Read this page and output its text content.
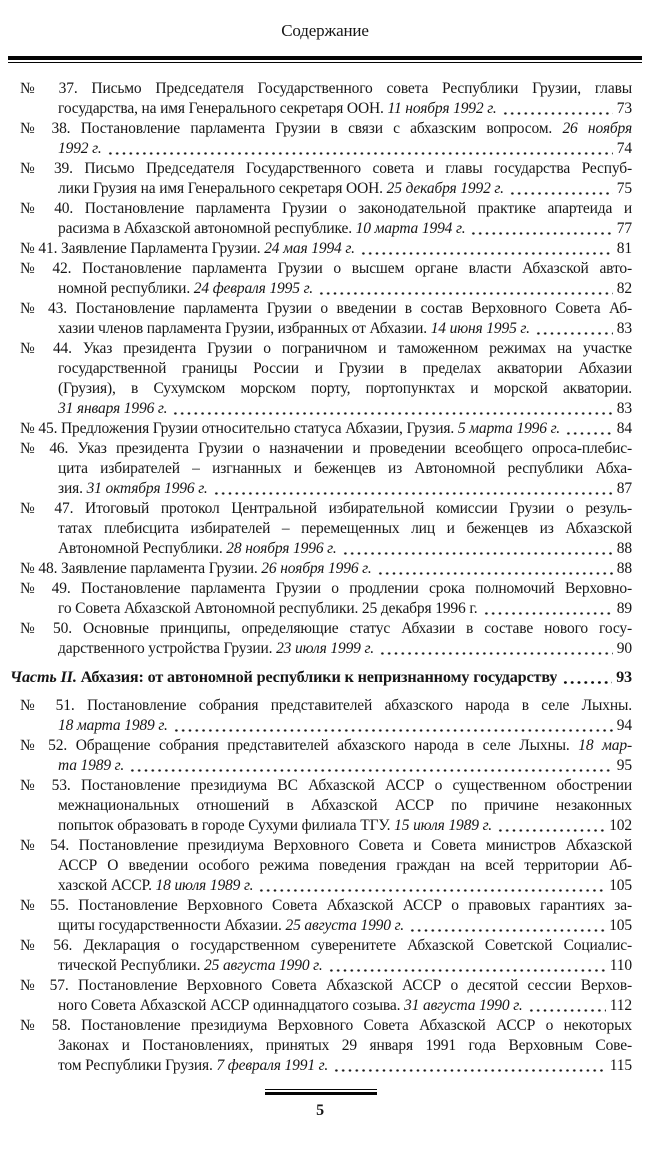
Содержание
№ 37. Письмо Председателя Государственного совета Республики Грузии, главы
государства, на имя Генерального секретаря ООН. 11 ноября 1992 г.	73
№ 38. Постановление парламента Грузии в связи с абхазским вопросом. 26 ноября
1992 г.	74
№ 39. Письмо Председателя Государственного совета и главы государства Респуб-
лики Грузия на имя Генерального секретаря ООН. 25 декабря 1992 г.	75
№ 40. Постановление парламента Грузии о законодательной практике апартеида и
расизма в Абхазской автономной республике. 10 марта 1994 г.	77
№ 41. Заявление Парламента Грузии. 24 мая 1994 г.	81
№ 42. Постановление парламента Грузии о высшем органе власти Абхазской авто-
номной республики. 24 февраля 1995 г.	82
№ 43. Постановление парламента Грузии о введении в состав Верховного Совета Аб-
хазии членов парламента Грузии, избранных от Абхазии. 14 июня 1995 г.	83
№ 44. Указ президента Грузии о пограничном и таможенном режимах на участке
государственной границы России и Грузии в пределах акватории Абхазии
(Грузия), в Сухумском морском порту, портопунктах и морской акватории.
31 января 1996 г.	83
№ 45. Предложения Грузии относительно статуса Абхазии, Грузия. 5 марта 1996 г.	84
№ 46. Указ президента Грузии о назначении и проведении всеобщего опроса-плебис-
цита избирателей – изгнанных и беженцев из Автономной республики Абха-
зия. 31 октября 1996 г.	87
№ 47. Итоговый протокол Центральной избирательной комиссии Грузии о резуль-
татах плебисцита избирателей – перемещенных лиц и беженцев из Абхазской
Автономной Республики. 28 ноября 1996 г.	88
№ 48. Заявление парламента Грузии. 26 ноября 1996 г.	88
№ 49. Постановление парламента Грузии о продлении срока полномочий Верховно-
го Совета Абхазской Автономной республики. 25 декабря 1996 г.	89
№ 50. Основные принципы, определяющие статус Абхазии в составе нового госу-
дарственного устройства Грузии. 23 июля 1999 г.	90
Часть II. Абхазия: от автономной республики к непризнанному государству	93
№ 51. Постановление собрания представителей абхазского народа в селе Лыхны.
18 марта 1989 г.	94
№ 52. Обращение собрания представителей абхазского народа в селе Лыхны. 18 мар-
та 1989 г.	95
№ 53. Постановление президиума ВС Абхазской АССР о существенном обострении
межнациональных отношений в Абхазской АССР по причине незаконных
попыток образовать в городе Сухуми филиала ТГУ. 15 июля 1989 г.	102
№ 54. Постановление президиума Верховного Совета и Совета министров Абхазской
АССР О введении особого режима поведения граждан на всей территории Аб-
хазской АССР. 18 июля 1989 г.	105
№ 55. Постановление Верховного Совета Абхазской АССР о правовых гарантиях за-
щиты государственности Абхазии. 25 августа 1990 г.	105
№ 56. Декларация о государственном суверенитете Абхазской Советской Социалис-
тической Республики. 25 августа 1990 г.	110
№ 57. Постановление Верховного Совета Абхазской АССР о десятой сессии Верхов-
ного Совета Абхазской АССР одиннадцатого созыва. 31 августа 1990 г.	112
№ 58. Постановление президиума Верховного Совета Абхазской АССР о некоторых
Законах и Постановлениях, принятых 29 января 1991 года Верховным Сове-
том Республики Грузия. 7 февраля 1991 г.	115
5
